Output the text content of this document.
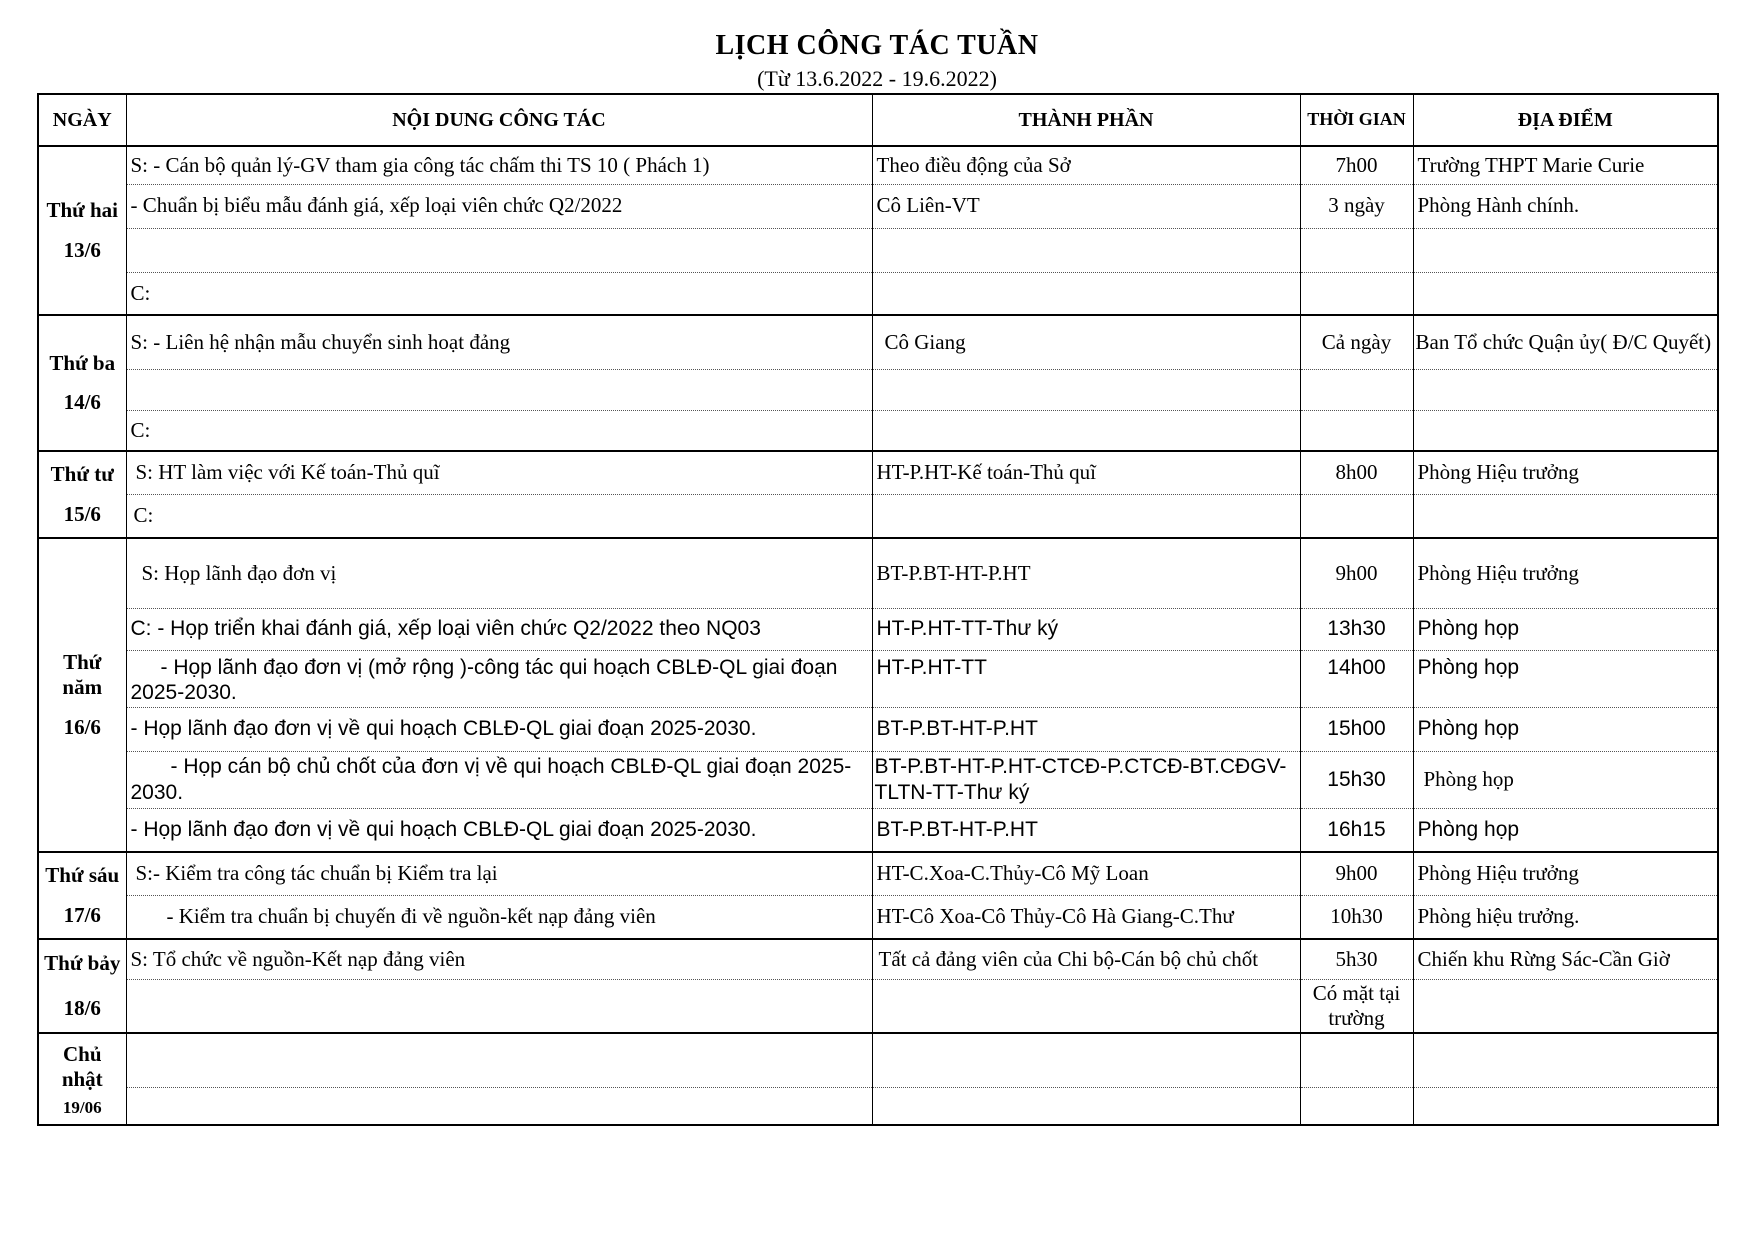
LỊCH CÔNG TÁC TUẦN
(Từ 13.6.2022 - 19.6.2022)
NGÀY	NỘI DUNG CÔNG TÁC	THÀNH PHẦN	THỜI GIAN	ĐỊA ĐIỂM

Thứ hai
13/6	S: - Cán bộ quản lý-GV tham gia công tác chấm thi TS 10 ( Phách 1)	Theo điều động của Sở	7h00	Trường THPT Marie Curie
	- Chuẩn bị biểu mẫu đánh giá, xếp loại viên chức Q2/2022	Cô Liên-VT	3 ngày	Phòng Hành chính.

	C:			

Thứ ba
14/6	S: - Liên hệ nhận mẫu chuyển sinh hoạt đảng	Cô Giang	Cả ngày	Ban Tổ chức Quận ủy( Đ/C Quyết)

	C:			

Thứ tư
15/6	S: HT làm việc với Kế toán-Thủ quĩ	HT-P.HT-Kế toán-Thủ quĩ	8h00	Phòng Hiệu trưởng
	C:			

Thứ năm
16/6	S: Họp lãnh đạo đơn vị	BT-P.BT-HT-P.HT	9h00	Phòng Hiệu trưởng
	C: - Họp triển khai đánh giá, xếp loại viên chức Q2/2022 theo NQ03	HT-P.HT-TT-Thư ký	13h30	Phòng họp
	- Họp lãnh đạo đơn vị (mở rộng )-công tác qui hoạch CBLĐ-QL giai đoạn 2025-2030.	HT-P.HT-TT	14h00	Phòng họp
	- Họp lãnh đạo đơn vị về qui hoạch CBLĐ-QL giai đoạn 2025-2030.	BT-P.BT-HT-P.HT	15h00	Phòng họp
	- Họp cán bộ chủ chốt của đơn vị về qui hoạch CBLĐ-QL giai đoạn 2025-2030.	BT-P.BT-HT-P.HT-CTCĐ-P.CTCĐ-BT.CĐGV-TLTN-TT-Thư ký	15h30	Phòng họp
	- Họp lãnh đạo đơn vị về qui hoạch CBLĐ-QL giai đoạn 2025-2030.	BT-P.BT-HT-P.HT	16h15	Phòng họp

Thứ sáu
17/6	S:- Kiểm tra công tác chuẩn bị Kiểm tra lại	HT-C.Xoa-C.Thủy-Cô Mỹ Loan	9h00	Phòng Hiệu trưởng
	- Kiểm tra chuẩn bị chuyến đi về nguồn-kết nạp đảng viên	HT-Cô Xoa-Cô Thủy-Cô Hà Giang-C.Thư	10h30	Phòng hiệu trưởng.

Thứ bảy
18/6	S: Tổ chức về nguồn-Kết nạp đảng viên	Tất cả đảng viên của Chi bộ-Cán bộ chủ chốt	5h30	Chiến khu Rừng Sác-Cần Giờ
			Có mặt tại trường	

Chủ nhật
19/06				
